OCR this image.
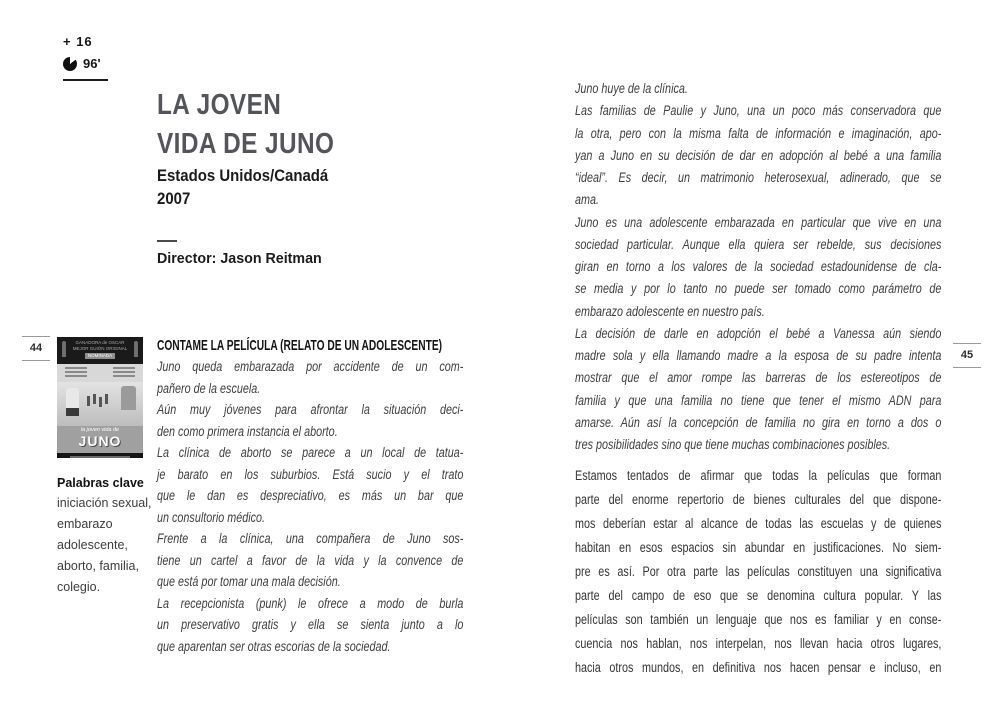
+ 16
96'
LA JOVEN
VIDA DE JUNO
Estados Unidos/Canadá
2007
Director: Jason Reitman
44	GANADORA de OSCAR
MEJOR GUIÓN ORIGINAL
NOMINADA
la joven vida de
JUNO
Palabras clave
iniciación sexual,
embarazo
adolescente,
aborto, familia,
colegio.
CONTAME LA PELÍCULA (RELATO DE UN ADOLESCENTE)
Juno queda embarazada por accidente de un com-
pañero de la escuela.
Aún muy jóvenes para afrontar la situación deci-
den como primera instancia el aborto.
La clínica de aborto se parece a un local de tatua-
je barato en los suburbios. Está sucio y el trato
que le dan es despreciativo, es más un bar que
un consultorio médico.
Frente a la clínica, una compañera de Juno sos-
tiene un cartel a favor de la vida y la convence de
que está por tomar una mala decisión.
La recepcionista (punk) le ofrece a modo de burla
un preservativo gratis y ella se sienta junto a lo
que aparentan ser otras escorias de la sociedad.
Juno huye de la clínica.
Las familias de Paulie y Juno, una un poco más conservadora que
la otra, pero con la misma falta de información e imaginación, apo-
yan a Juno en su decisión de dar en adopción al bebé a una familia
“ideal”. Es decir, un matrimonio heterosexual, adinerado, que se
ama.
Juno es una adolescente embarazada en particular que vive en una
sociedad particular. Aunque ella quiera ser rebelde, sus decisiones
giran en torno a los valores de la sociedad estadounidense de cla-
se media y por lo tanto no puede ser tomado como parámetro de
embarazo adolescente en nuestro país.
La decisión de darle en adopción el bebé a Vanessa aún siendo
madre sola y ella llamando madre a la esposa de su padre intenta
mostrar que el amor rompe las barreras de los estereotipos de
familia y que una familia no tiene que tener el mismo ADN para
amarse. Aún así la concepción de familia no gira en torno a dos o
tres posibilidades sino que tiene muchas combinaciones posibles.
Estamos tentados de afirmar que todas la películas que forman
parte del enorme repertorio de bienes culturales del que dispone-
mos deberían estar al alcance de todas las escuelas y de quienes
habitan en esos espacios sin abundar en justificaciones. No siem-
pre es así. Por otra parte las películas constituyen una significativa
parte del campo de eso que se denomina cultura popular. Y las
películas son también un lenguaje que nos es familiar y en conse-
cuencia nos hablan, nos interpelan, nos llevan hacia otros lugares,
hacia otros mundos, en definitiva nos hacen pensar e incluso, en
45
